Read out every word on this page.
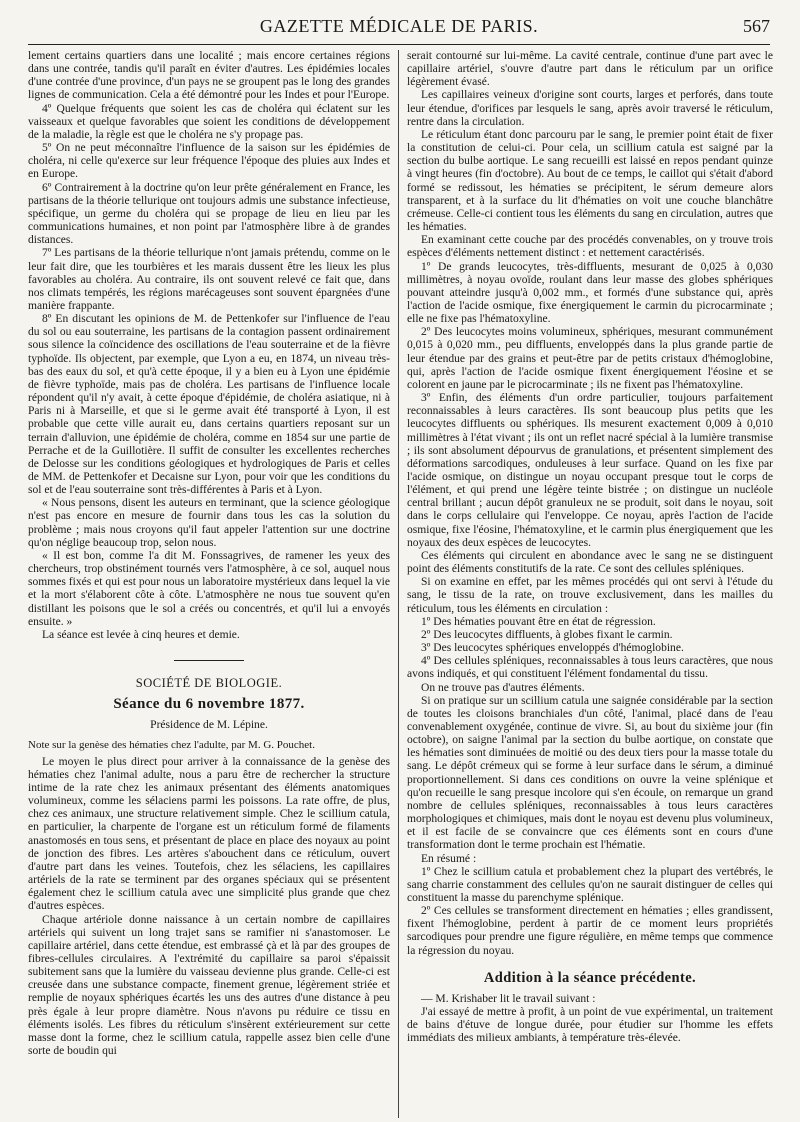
GAZETTE MÉDICALE DE PARIS.	567

lement certains quartiers dans une localité ; mais encore certaines régions dans une contrée, tandis qu'il paraît en éviter d'autres. Les épidémies locales d'une contrée d'une province, d'un pays ne se groupent pas le long des grandes lignes de communication. Cela a été démontré pour les Indes et pour l'Europe.

4º Quelque fréquents que soient les cas de choléra qui éclatent sur les vaisseaux et quelque favorables que soient les conditions de développement de la maladie, la règle est que le choléra ne s'y propage pas.

5º On ne peut méconnaître l'influence de la saison sur les épidémies de choléra, ni celle qu'exerce sur leur fréquence l'époque des pluies aux Indes et en Europe.

6º Contrairement à la doctrine qu'on leur prête généralement en France, les partisans de la théorie tellurique ont toujours admis une substance infectieuse, spécifique, un germe du choléra qui se propage de lieu en lieu par les communications humaines, et non point par l'atmosphère libre à de grandes distances.

7º Les partisans de la théorie tellurique n'ont jamais prétendu, comme on le leur fait dire, que les tourbières et les marais dussent être les lieux les plus favorables au choléra. Au contraire, ils ont souvent relevé ce fait que, dans nos climats tempérés, les régions marécageuses sont souvent épargnées d'une manière frappante.

8º En discutant les opinions de M. de Pettenkofer sur l'influence de l'eau du sol ou eau souterraine, les partisans de la contagion passent ordinairement sous silence la coïncidence des oscillations de l'eau souterraine et de la fièvre typhoïde. Ils objectent, par exemple, que Lyon a eu, en 1874, un niveau très-bas des eaux du sol, et qu'à cette époque, il y a bien eu à Lyon une épidémie de fièvre typhoïde, mais pas de choléra. Les partisans de l'influence locale répondent qu'il n'y avait, à cette époque d'épidémie, de choléra asiatique, ni à Paris ni à Marseille, et que si le germe avait été transporté à Lyon, il est probable que cette ville aurait eu, dans certains quartiers reposant sur un terrain d'alluvion, une épidémie de choléra, comme en 1854 sur une partie de Perrache et de la Guillotière. Il suffit de consulter les excellentes recherches de Delosse sur les conditions géologiques et hydrologiques de Paris et celles de MM. de Pettenkofer et Decaisne sur Lyon, pour voir que les conditions du sol et de l'eau souterraine sont très-différentes à Paris et à Lyon.

« Nous pensons, disent les auteurs en terminant, que la science géologique n'est pas encore en mesure de fournir dans tous les cas la solution du problème ; mais nous croyons qu'il faut appeler l'attention sur une doctrine qu'on néglige beaucoup trop, selon nous.

« Il est bon, comme l'a dit M. Fonssagrives, de ramener les yeux des chercheurs, trop obstinément tournés vers l'atmosphère, à ce sol, auquel nous sommes fixés et qui est pour nous un laboratoire mystérieux dans lequel la vie et la mort s'élaborent côte à côte. L'atmosphère ne nous tue souvent qu'en distillant les poisons que le sol a créés ou concentrés, et qu'il lui a envoyés ensuite. »

La séance est levée à cinq heures et demie.

SOCIÉTÉ DE BIOLOGIE.
Séance du 6 novembre 1877.
Présidence de M. Lépine.

Note sur la genèse des hématies chez l'adulte, par M. G. Pouchet.

Le moyen le plus direct pour arriver à la connaissance de la genèse des hématies chez l'animal adulte, nous a paru être de rechercher la structure intime de la rate chez les animaux présentant des éléments anatomiques volumineux, comme les sélaciens parmi les poissons. La rate offre, de plus, chez ces animaux, une structure relativement simple. Chez le scillium catula, en particulier, la charpente de l'organe est un réticulum formé de filaments anastomosés en tous sens, et présentant de place en place des noyaux au point de jonction des fibres. Les artères s'abouchent dans ce réticulum, ouvert d'autre part dans les veines. Toutefois, chez les sélaciens, les capillaires artériels de la rate se terminent par des organes spéciaux qui se présentent également chez le scillium catula avec une simplicité plus grande que chez d'autres espèces.

Chaque artériole donne naissance à un certain nombre de capillaires artériels qui suivent un long trajet sans se ramifier ni s'anastomoser. Le capillaire artériel, dans cette étendue, est embrassé çà et là par des groupes de fibres-cellules circulaires. A l'extrémité du capillaire sa paroi s'épaissit subitement sans que la lumière du vaisseau devienne plus grande. Celle-ci est creusée dans une substance compacte, finement grenue, légèrement striée et remplie de noyaux sphériques écartés les uns des autres d'une distance à peu près égale à leur propre diamètre. Nous n'avons pu réduire ce tissu en éléments isolés. Les fibres du réticulum s'insèrent extérieurement sur cette masse dont la forme, chez le scillium catula, rappelle assez bien celle d'une sorte de boudin qui

serait contourné sur lui-même. La cavité centrale, continue d'une part avec le capillaire artériel, s'ouvre d'autre part dans le réticulum par un orifice légèrement évasé.

Les capillaires veineux d'origine sont courts, larges et perforés, dans toute leur étendue, d'orifices par lesquels le sang, après avoir traversé le réticulum, rentre dans la circulation.

Le réticulum étant donc parcouru par le sang, le premier point était de fixer la constitution de celui-ci. Pour cela, un scillium catula est saigné par la section du bulbe aortique. Le sang recueilli est laissé en repos pendant quinze à vingt heures (fin d'octobre). Au bout de ce temps, le caillot qui s'était d'abord formé se redissout, les hématies se précipitent, le sérum demeure alors transparent, et à la surface du lit d'hématies on voit une couche blanchâtre crémeuse. Celle-ci contient tous les éléments du sang en circulation, autres que les hématies.

En examinant cette couche par des procédés convenables, on y trouve trois espèces d'éléments nettement distinct : et nettement caractérisés.

1º De grands leucocytes, très-diffluents, mesurant de 0,025 à 0,030 millimètres, à noyau ovoïde, roulant dans leur masse des globes sphériques pouvant atteindre jusqu'à 0,002 mm., et formés d'une substance qui, après l'action de l'acide osmique, fixe énergiquement le carmin du picrocarminate ; elle ne fixe pas l'hématoxyline.

2º Des leucocytes moins volumineux, sphériques, mesurant communément 0,015 à 0,020 mm., peu diffluents, enveloppés dans la plus grande partie de leur étendue par des grains et peut-être par de petits cristaux d'hémoglobine, qui, après l'action de l'acide osmique fixent énergiquement l'éosine et se colorent en jaune par le picrocarminate ; ils ne fixent pas l'hématoxyline.

3º Enfin, des éléments d'un ordre particulier, toujours parfaitement reconnaissables à leurs caractères. Ils sont beaucoup plus petits que les leucocytes diffluents ou sphériques. Ils mesurent exactement 0,009 à 0,010 millimètres à l'état vivant ; ils ont un reflet nacré spécial à la lumière transmise ; ils sont absolument dépourvus de granulations, et présentent simplement des déformations sarcodiques, onduleuses à leur surface. Quand on les fixe par l'acide osmique, on distingue un noyau occupant presque tout le corps de l'élément, et qui prend une légère teinte bistrée ; on distingue un nucléole central brillant ; aucun dépôt granuleux ne se produit, soit dans le noyau, soit dans le corps cellulaire qui l'enveloppe. Ce noyau, après l'action de l'acide osmique, fixe l'éosine, l'hématoxyline, et le carmin plus énergiquement que les noyaux des deux espèces de leucocytes.

Ces éléments qui circulent en abondance avec le sang ne se distinguent point des éléments constitutifs de la rate. Ce sont des cellules spléniques.

Si on examine en effet, par les mêmes procédés qui ont servi à l'étude du sang, le tissu de la rate, on trouve exclusivement, dans les mailles du réticulum, tous les éléments en circulation :

1º Des hématies pouvant être en état de régression.

2º Des leucocytes diffluents, à globes fixant le carmin.

3º Des leucocytes sphériques enveloppés d'hémoglobine.

4º Des cellules spléniques, reconnaissables à tous leurs caractères, que nous avons indiqués, et qui constituent l'élément fondamental du tissu.

On ne trouve pas d'autres éléments.

Si on pratique sur un scillium catula une saignée considérable par la section de toutes les cloisons branchiales d'un côté, l'animal, placé dans de l'eau convenablement oxygénée, continue de vivre. Si, au bout du sixième jour (fin octobre), on saigne l'animal par la section du bulbe aortique, on constate que les hématies sont diminuées de moitié ou des deux tiers pour la masse totale du sang. Le dépôt crémeux qui se forme à leur surface dans le sérum, a diminué proportionnellement. Si dans ces conditions on ouvre la veine splénique et qu'on recueille le sang presque incolore qui s'en écoule, on remarque un grand nombre de cellules spléniques, reconnaissables à tous leurs caractères morphologiques et chimiques, mais dont le noyau est devenu plus volumineux, et il est facile de se convaincre que ces éléments sont en cours d'une transformation dont le terme prochain est l'hématie.

En résumé :

1º Chez le scillium catula et probablement chez la plupart des vertébrés, le sang charrie constamment des cellules qu'on ne saurait distinguer de celles qui constituent la masse du parenchyme splénique.

2º Ces cellules se transforment directement en hématies ; elles grandissent, fixent l'hémoglobine, perdent à partir de ce moment leurs propriétés sarcodiques pour prendre une figure régulière, en même temps que commence la régression du noyau.

Addition à la séance précédente.

— M. Krishaber lit le travail suivant :

J'ai essayé de mettre à profit, à un point de vue expérimental, un traitement de bains d'étuve de longue durée, pour étudier sur l'homme les effets immédiats des milieux ambiants, à température très-élevée.
